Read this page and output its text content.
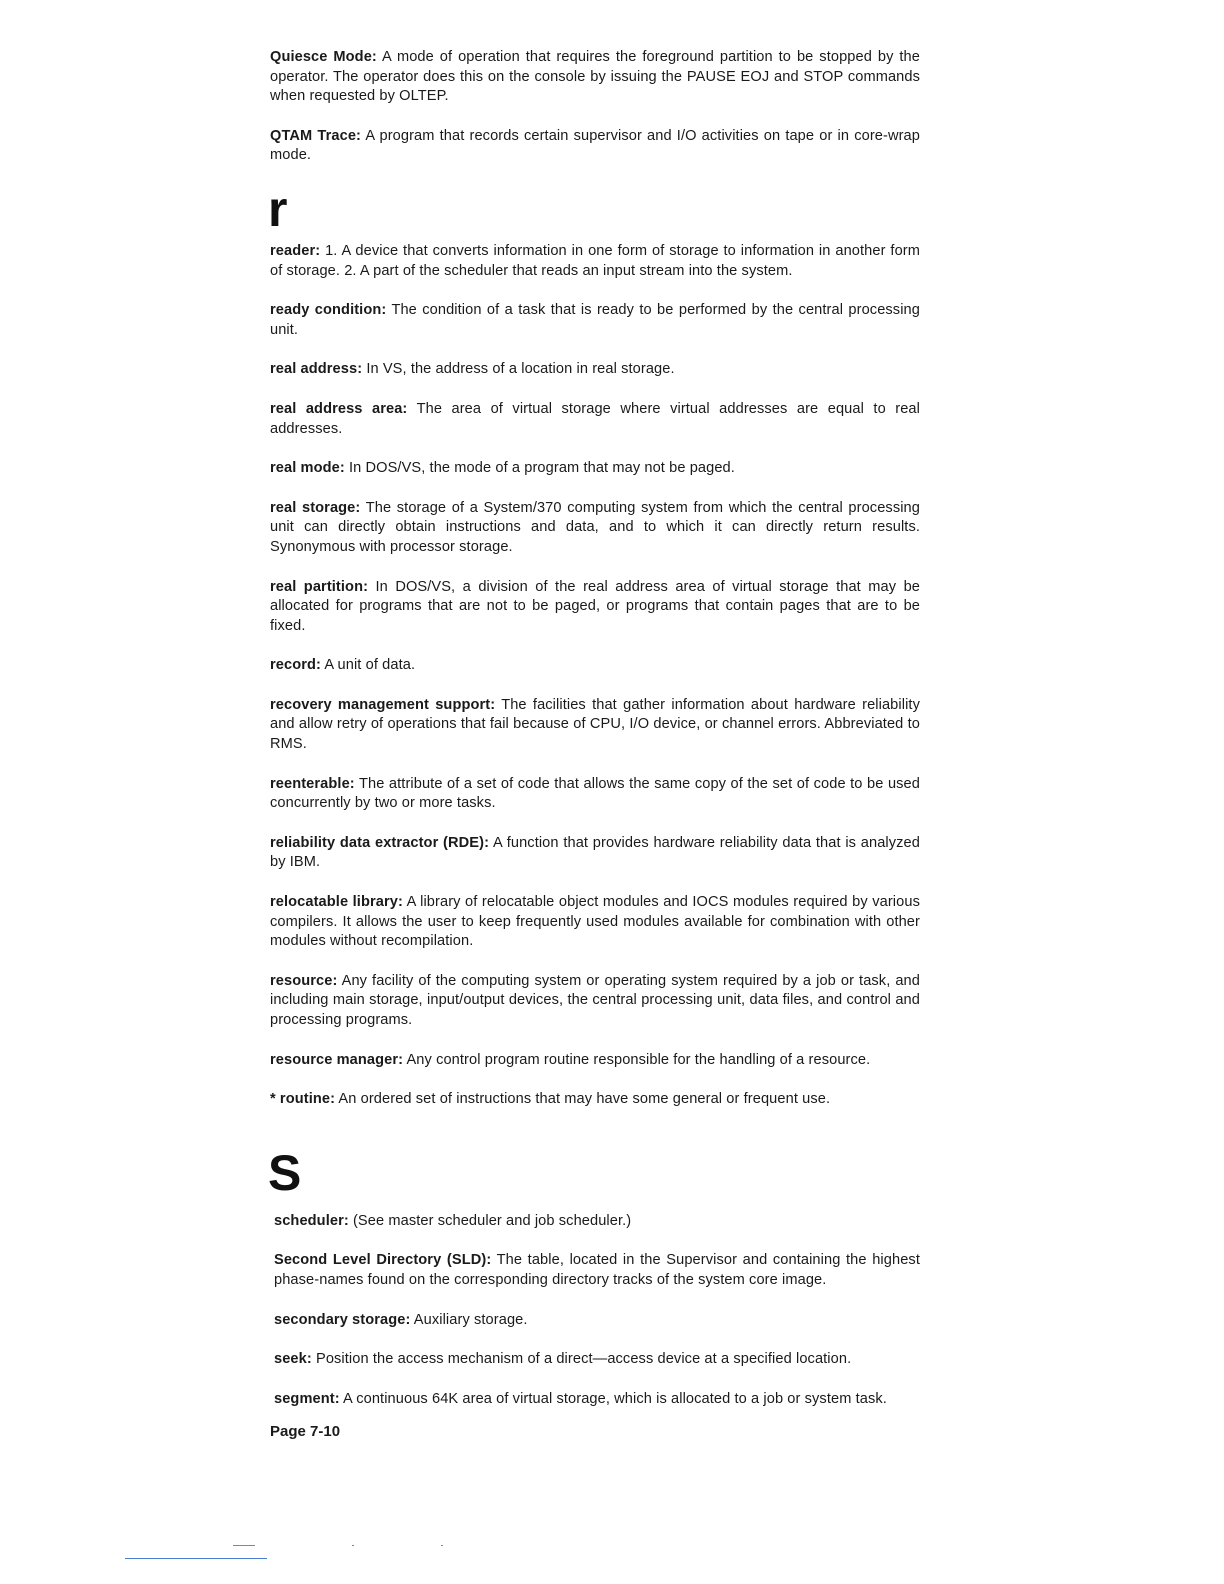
Quiesce Mode: A mode of operation that requires the foreground partition to be stopped by the operator. The operator does this on the console by issuing the PAUSE EOJ and STOP commands when requested by OLTEP.

QTAM Trace: A program that records certain supervisor and I/O activities on tape or in core-wrap mode.

r

reader: 1. A device that converts information in one form of storage to information in another form of storage. 2. A part of the scheduler that reads an input stream into the system.

ready condition: The condition of a task that is ready to be performed by the central processing unit.

real address: In VS, the address of a location in real storage.

real address area: The area of virtual storage where virtual addresses are equal to real addresses.

real mode: In DOS/VS, the mode of a program that may not be paged.

real storage: The storage of a System/370 computing system from which the central processing unit can directly obtain instructions and data, and to which it can directly return results. Synonymous with processor storage.

real partition: In DOS/VS, a division of the real address area of virtual storage that may be allocated for programs that are not to be paged, or programs that contain pages that are to be fixed.

record: A unit of data.

recovery management support: The facilities that gather information about hardware reliability and allow retry of operations that fail because of CPU, I/O device, or channel errors. Abbreviated to RMS.

reenterable: The attribute of a set of code that allows the same copy of the set of code to be used concurrently by two or more tasks.

reliability data extractor (RDE): A function that provides hardware reliability data that is analyzed by IBM.

relocatable library: A library of relocatable object modules and IOCS modules required by various compilers. It allows the user to keep frequently used modules available for combination with other modules without recompilation.

resource: Any facility of the computing system or operating system required by a job or task, and including main storage, input/output devices, the central processing unit, data files, and control and processing programs.

resource manager: Any control program routine responsible for the handling of a resource.

* routine: An ordered set of instructions that may have some general or frequent use.

S

scheduler: (See master scheduler and job scheduler.)

Second Level Directory (SLD): The table, located in the Supervisor and containing the highest phase-names found on the corresponding directory tracks of the system core image.

secondary storage: Auxiliary storage.

seek: Position the access mechanism of a direct—access device at a specified location.

segment: A continuous 64K area of virtual storage, which is allocated to a job or system task.

Page 7-10
